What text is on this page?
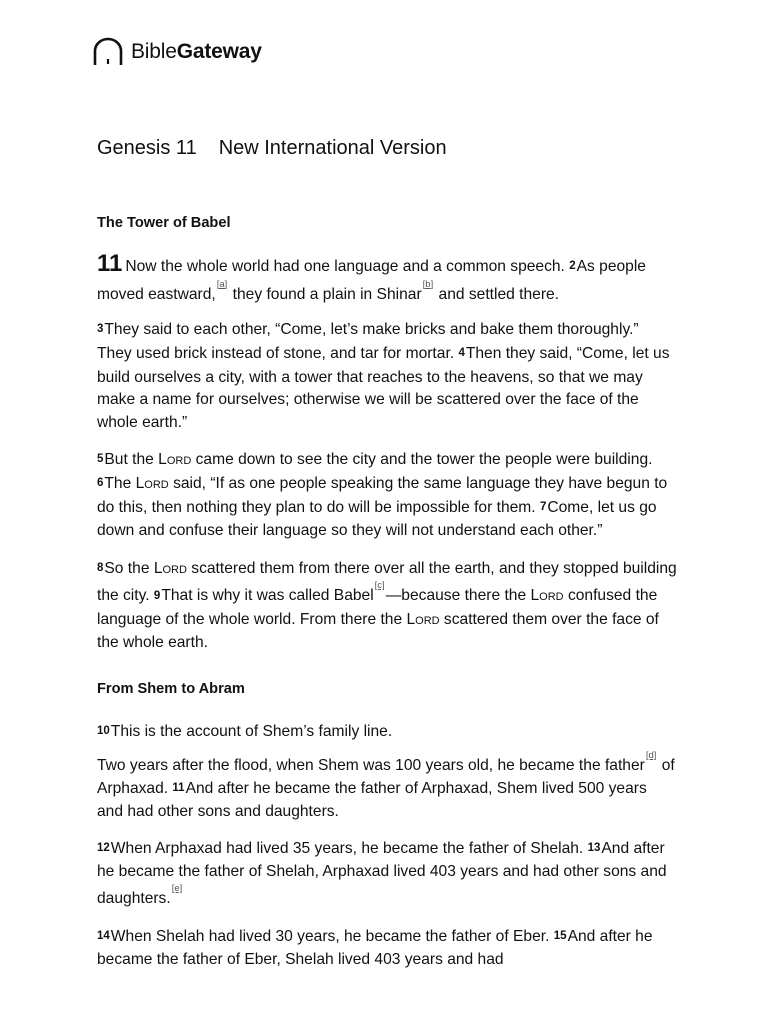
BibleGateway
Genesis 11 New International Version
The Tower of Babel

11 Now the whole world had one language and a common speech. 2As people moved eastward,[a] they found a plain in Shinar[b] and settled there.

3They said to each other, “Come, let’s make bricks and bake them thoroughly.” They used brick instead of stone, and tar for mortar. 4Then they said, “Come, let us build ourselves a city, with a tower that reaches to the heavens, so that we may make a name for ourselves; otherwise we will be scattered over the face of the whole earth.”

5But the Lord came down to see the city and the tower the people were building. 6The Lord said, “If as one people speaking the same language they have begun to do this, then nothing they plan to do will be impossible for them. 7Come, let us go down and confuse their language so they will not understand each other.”

8So the Lord scattered them from there over all the earth, and they stopped building the city. 9That is why it was called Babel[c]—because there the Lord confused the language of the whole world. From there the Lord scattered them over the face of the whole earth.

From Shem to Abram

10This is the account of Shem’s family line.

Two years after the flood, when Shem was 100 years old, he became the father[d] of Arphaxad. 11And after he became the father of Arphaxad, Shem lived 500 years and had other sons and daughters.

12When Arphaxad had lived 35 years, he became the father of Shelah. 13And after he became the father of Shelah, Arphaxad lived 403 years and had other sons and daughters.[e]

14When Shelah had lived 30 years, he became the father of Eber. 15And after he became the father of Eber, Shelah lived 403 years and had
